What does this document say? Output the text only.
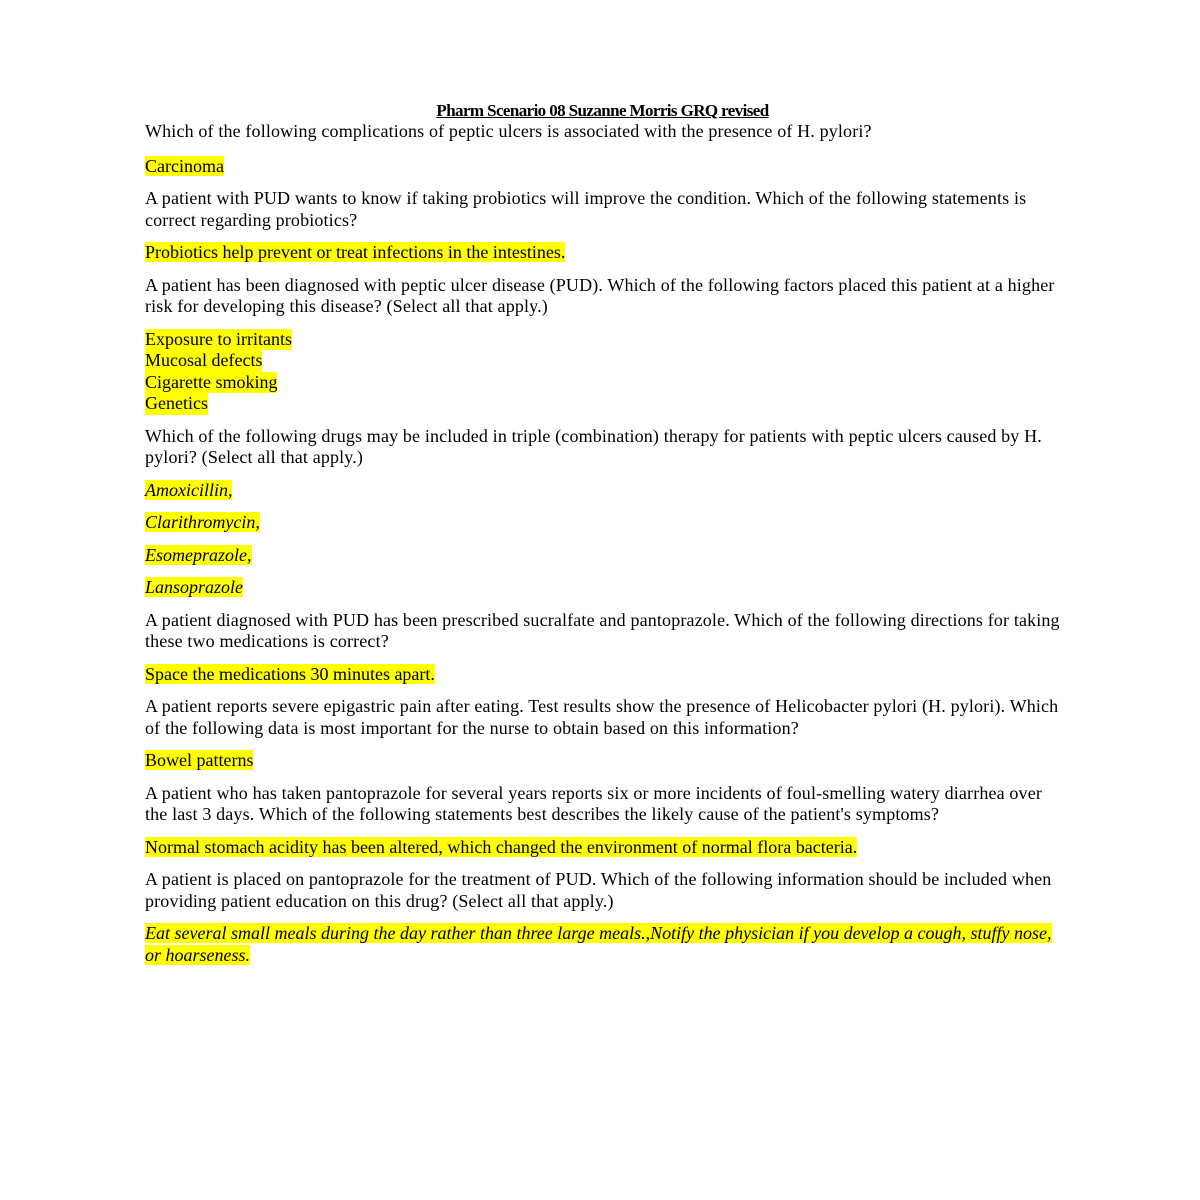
Pharm Scenario 08 Suzanne Morris GRQ revised
Which of the following complications of peptic ulcers is associated with the presence of H. pylori?
Carcinoma
A patient with PUD wants to know if taking probiotics will improve the condition. Which of the following statements is correct regarding probiotics?
Probiotics help prevent or treat infections in the intestines.
A patient has been diagnosed with peptic ulcer disease (PUD). Which of the following factors placed this patient at a higher risk for developing this disease? (Select all that apply.)
Exposure to irritants
Mucosal defects
Cigarette smoking
Genetics
Which of the following drugs may be included in triple (combination) therapy for patients with peptic ulcers caused by H. pylori? (Select all that apply.)
Amoxicillin,
Clarithromycin,
Esomeprazole,
Lansoprazole
A patient diagnosed with PUD has been prescribed sucralfate and pantoprazole. Which of the following directions for taking these two medications is correct?
Space the medications 30 minutes apart.
A patient reports severe epigastric pain after eating. Test results show the presence of Helicobacter pylori (H. pylori). Which of the following data is most important for the nurse to obtain based on this information?
Bowel patterns
A patient who has taken pantoprazole for several years reports six or more incidents of foul-smelling watery diarrhea over the last 3 days. Which of the following statements best describes the likely cause of the patient's symptoms?
Normal stomach acidity has been altered, which changed the environment of normal flora bacteria.
A patient is placed on pantoprazole for the treatment of PUD. Which of the following information should be included when providing patient education on this drug? (Select all that apply.)
Eat several small meals during the day rather than three large meals.,Notify the physician if you develop a cough, stuffy nose, or hoarseness.
